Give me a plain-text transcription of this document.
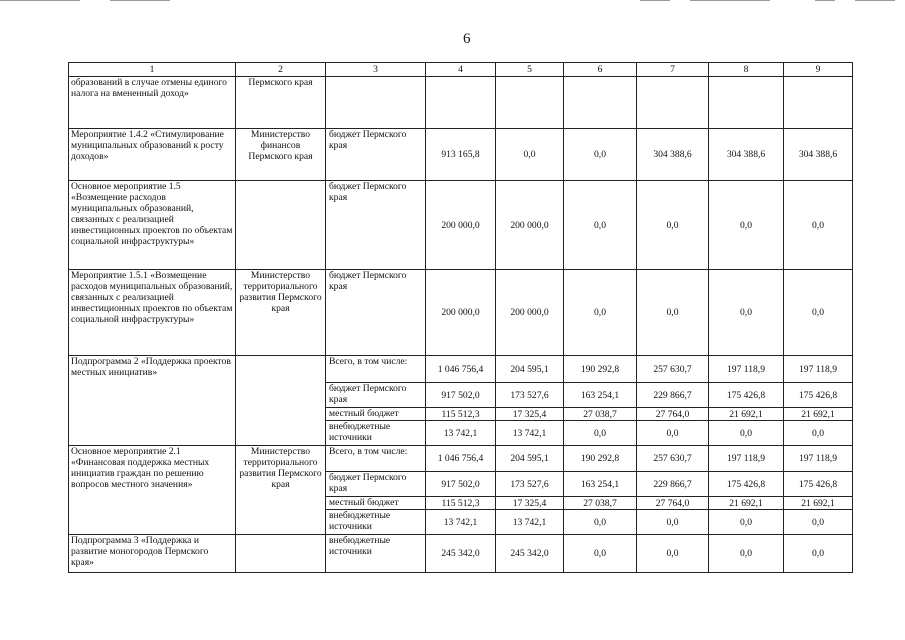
6
1	2	3	4	5	6	7	8	9
образований в случае отмены единого налога на вмененный доход»	Пермского края							
Мероприятие 1.4.2 «Стимулирование муниципальных образований к росту доходов»	Министерство финансов Пермского края	бюджет Пермского края	913 165,8	0,0	0,0	304 388,6	304 388,6	304 388,6
Основное мероприятие 1.5 «Возмещение расходов муниципальных образований, связанных с реализацией инвестиционных проектов по объектам социальной инфраструктуры»		бюджет Пермского края	200 000,0	200 000,0	0,0	0,0	0,0	0,0
Мероприятие 1.5.1 «Возмещение расходов муниципальных образований, связанных с реализацией инвестиционных проектов по объектам социальной инфраструктуры»	Министерство территориального развития Пермского края	бюджет Пермского края	200 000,0	200 000,0	0,0	0,0	0,0	0,0
Подпрограмма 2 «Поддержка проектов местных инициатив»		Всего, в том числе:	1 046 756,4	204 595,1	190 292,8	257 630,7	197 118,9	197 118,9
		бюджет Пермского края	917 502,0	173 527,6	163 254,1	229 866,7	175 426,8	175 426,8
		местный бюджет	115 512,3	17 325,4	27 038,7	27 764,0	21 692,1	21 692,1
		внебюджетные источники	13 742,1	13 742,1	0,0	0,0	0,0	0,0
Основное мероприятие 2.1 «Финансовая поддержка местных инициатив граждан по решению вопросов местного значения»	Министерство территориального развития Пермского края	Всего, в том числе:	1 046 756,4	204 595,1	190 292,8	257 630,7	197 118,9	197 118,9
		бюджет Пермского края	917 502,0	173 527,6	163 254,1	229 866,7	175 426,8	175 426,8
		местный бюджет	115 512,3	17 325,4	27 038,7	27 764,0	21 692,1	21 692,1
		внебюджетные источники	13 742,1	13 742,1	0,0	0,0	0,0	0,0
Подпрограмма 3 «Поддержка и развитие моногородов Пермского края»		внебюджетные источники	245 342,0	245 342,0	0,0	0,0	0,0	0,0
